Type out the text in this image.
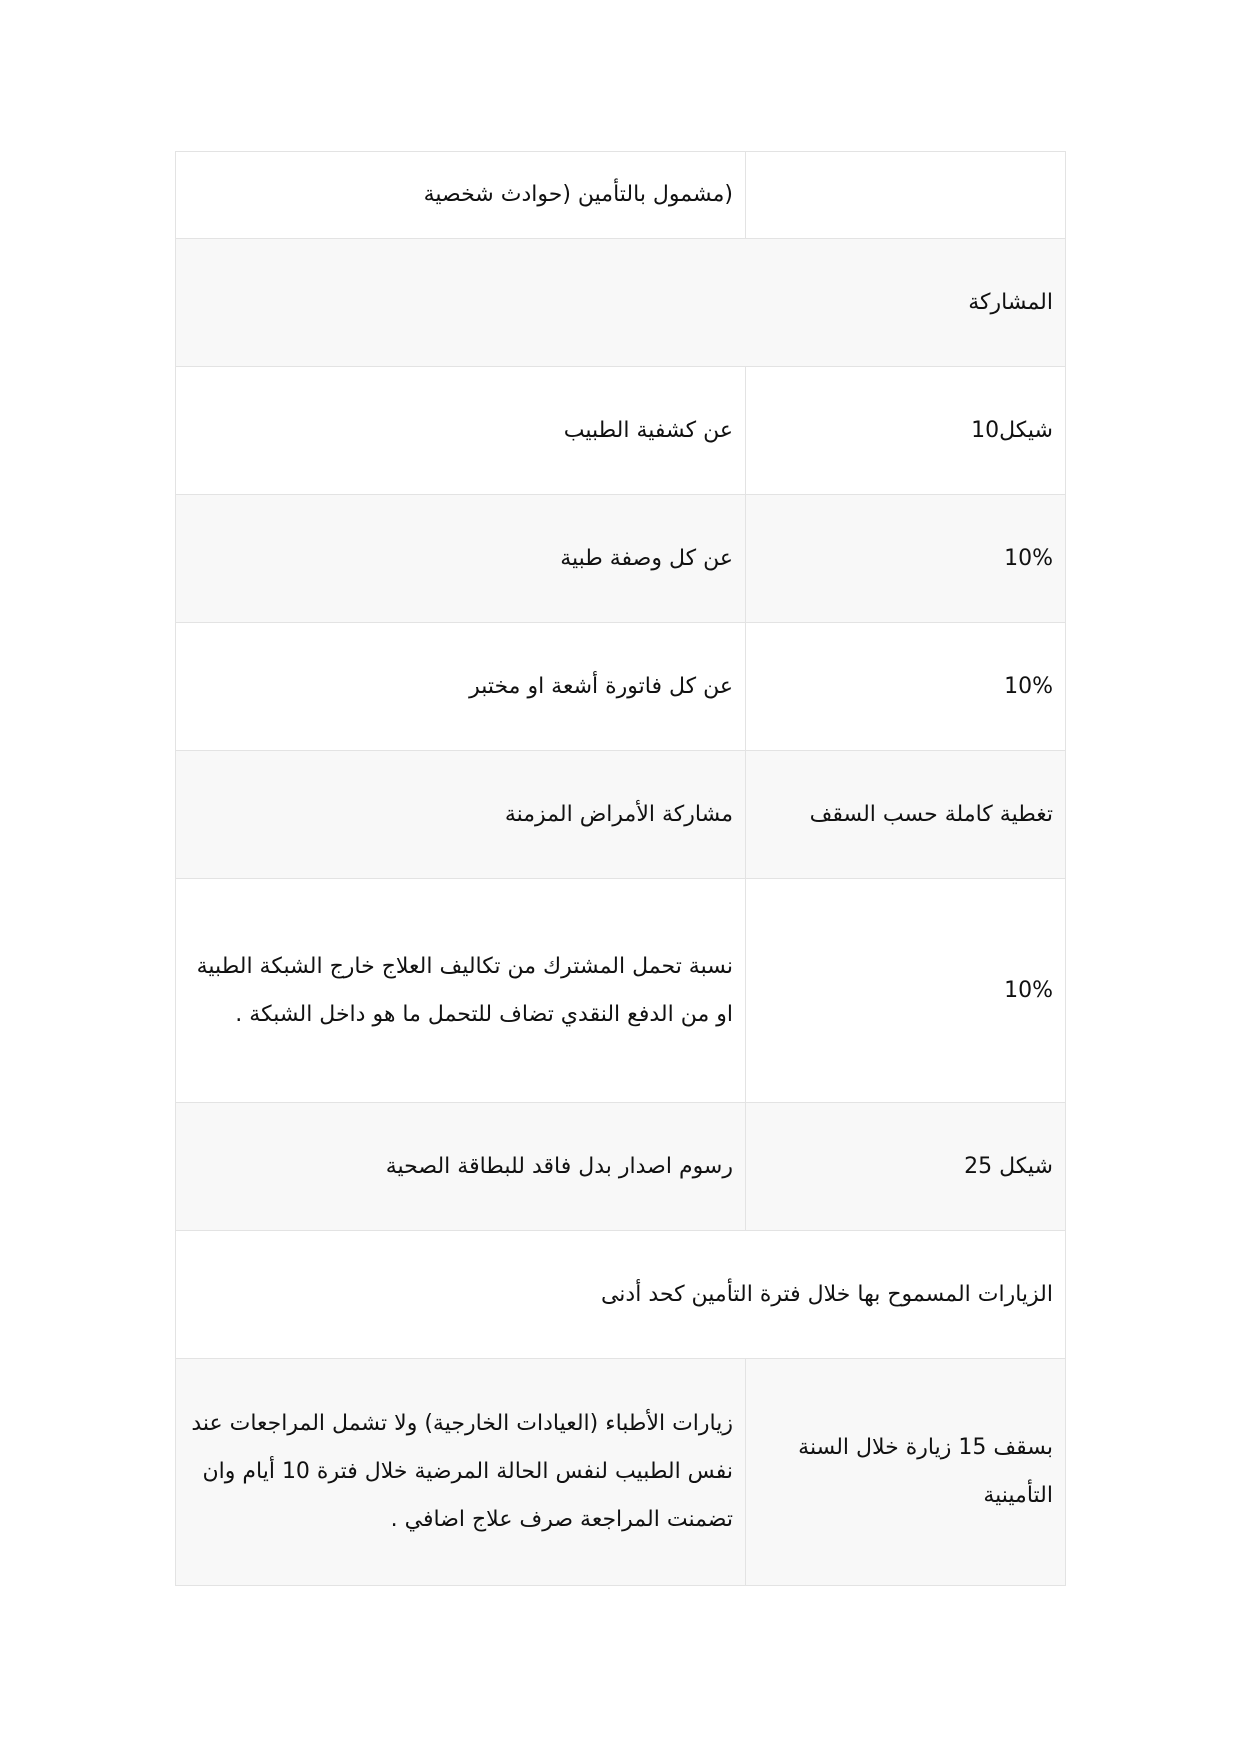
(مشمول بالتأمين (حوادث شخصية
المشاركة
شيكل10
عن كشفية الطبيب
10%
عن كل وصفة طبية
10%
عن كل فاتورة أشعة او مختبر
تغطية كاملة حسب السقف
مشاركة الأمراض المزمنة
10%
نسبة تحمل المشترك من تكاليف العلاج خارج الشبكة الطبية او من الدفع النقدي تضاف للتحمل ما هو داخل الشبكة .
شيكل 25
رسوم اصدار بدل فاقد للبطاقة الصحية
الزيارات المسموح بها خلال فترة التأمين كحد أدنى
بسقف 15 زيارة خلال السنة التأمينية
زيارات الأطباء (العيادات الخارجية) ولا تشمل المراجعات عند نفس الطبيب لنفس الحالة المرضية خلال فترة 10 أيام وان تضمنت المراجعة صرف علاج اضافي .
